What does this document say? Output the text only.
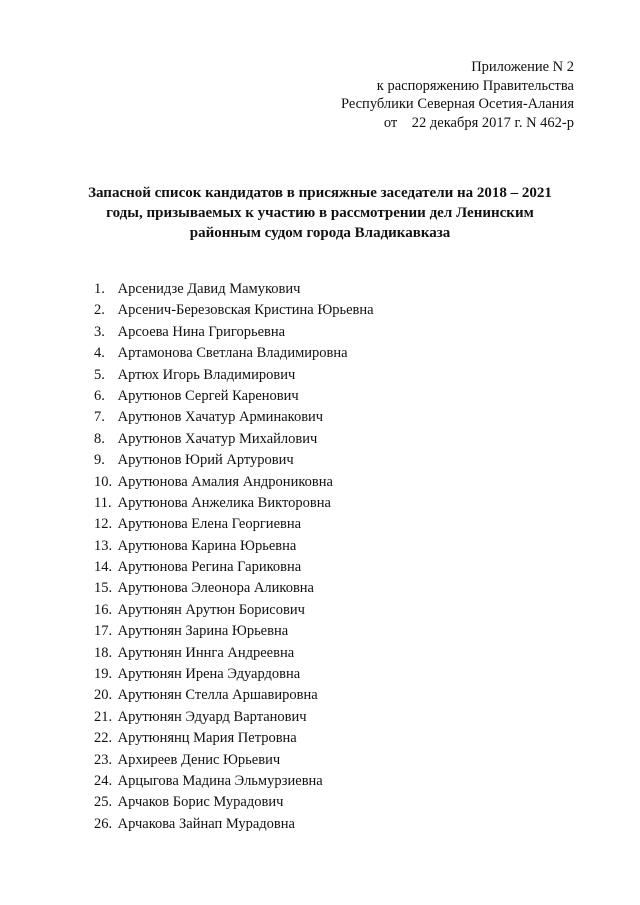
Приложение N 2
к распоряжению Правительства
Республики Северная Осетия-Алания
от    22 декабря 2017 г. N 462-р
Запасной список кандидатов в присяжные заседатели на 2018 – 2021
годы, призываемых к участию в рассмотрении дел Ленинским
районным судом города Владикавказа
1. Арсенидзе Давид Мамукович
2. Арсенич-Березовская Кристина Юрьевна
3. Арсоева Нина Григорьевна
4. Артамонова Светлана Владимировна
5. Артюх Игорь Владимирович
6. Арутюнов Сергей Каренович
7. Арутюнов Хачатур Арминакович
8. Арутюнов Хачатур Михайлович
9. Арутюнов Юрий Артурович
10. Арутюнова Амалия Андрониковна
11. Арутюнова Анжелика Викторовна
12. Арутюнова Елена Георгиевна
13. Арутюнова Карина Юрьевна
14. Арутюнова Регина Гариковна
15. Арутюнова Элеонора Аликовна
16. Арутюнян Арутюн Борисович
17. Арутюнян Зарина Юрьевна
18. Арутюнян Иннга Андреевна
19. Арутюнян Ирена Эдуардовна
20. Арутюнян Стелла Аршавировна
21. Арутюнян Эдуард Вартанович
22. Арутюнянц Мария Петровна
23. Архиреев Денис Юрьевич
24. Арцыгова Мадина Эльмурзиевна
25. Арчаков Борис Мурадович
26. Арчакова Зайнап Мурадовна
